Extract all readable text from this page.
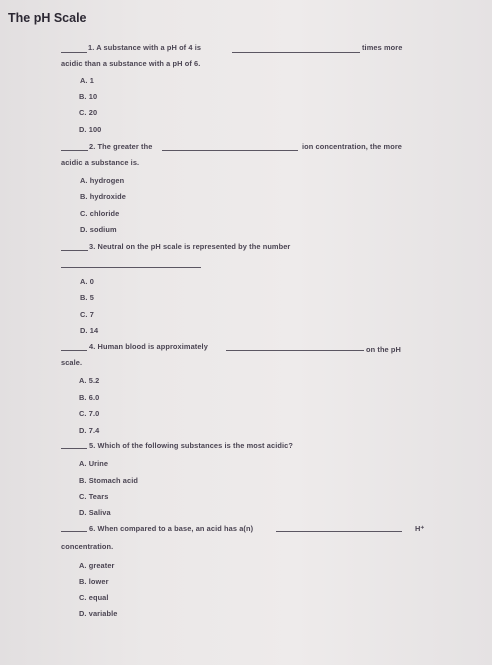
The pH Scale
1. A substance with a pH of 4 is	times more
acidic than a substance with a pH of 6.
A. 1
B. 10
C. 20
D. 100
2. The greater the	ion concentration, the more
acidic a substance is.
A. hydrogen
B. hydroxide
C. chloride
D. sodium
3. Neutral on the pH scale is represented by the number
A. 0
B. 5
C. 7
D. 14
4. Human blood is approximately	on the pH
scale.
A. 5.2
B. 6.0
C. 7.0
D. 7.4
5. Which of the following substances is the most acidic?
A. Urine
B. Stomach acid
C. Tears
D. Saliva
6. When compared to a base, an acid has a(n)	H⁺
concentration.
A. greater
B. lower
C. equal
D. variable
